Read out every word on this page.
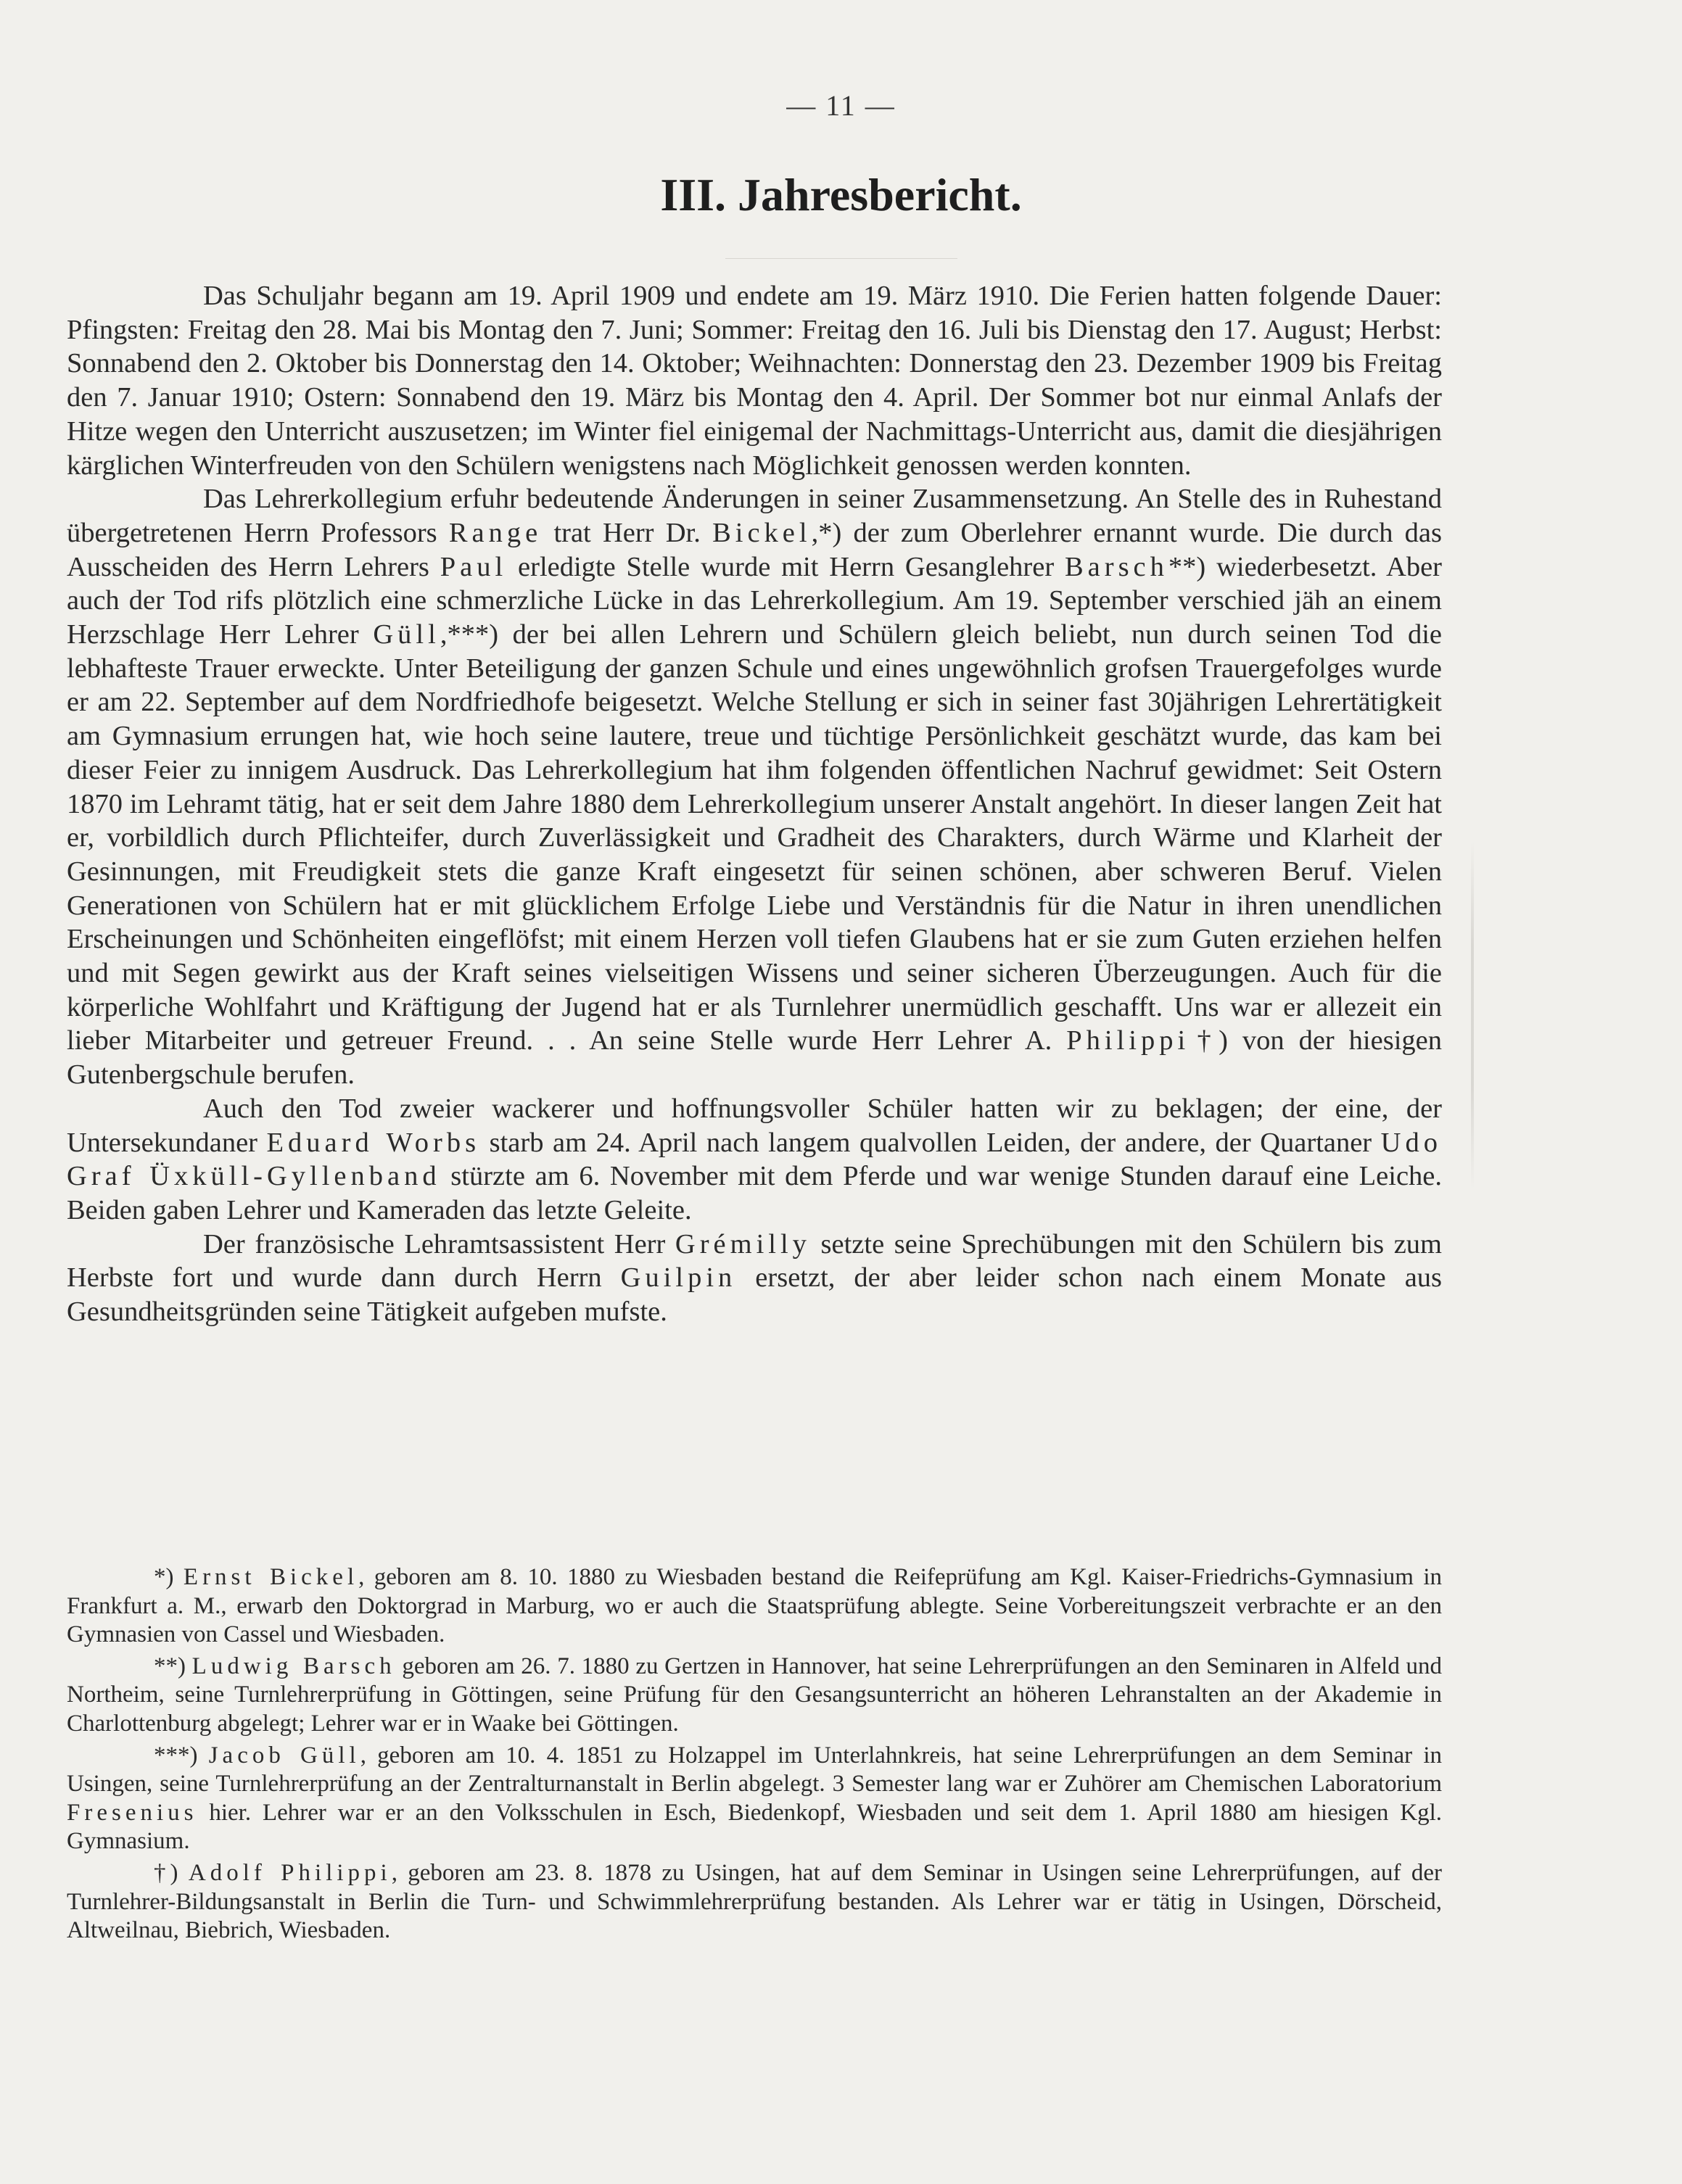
— 11 —
III. Jahresbericht.

Das Schuljahr begann am 19. April 1909 und endete am 19. März 1910. Die Ferien hatten folgende Dauer: Pfingsten: Freitag den 28. Mai bis Montag den 7. Juni; Sommer: Freitag den 16. Juli bis Dienstag den 17. August; Herbst: Sonnabend den 2. Oktober bis Donnerstag den 14. Oktober; Weihnachten: Donnerstag den 23. Dezember 1909 bis Freitag den 7. Januar 1910; Ostern: Sonnabend den 19. März bis Montag den 4. April. Der Sommer bot nur einmal Anlafs der Hitze wegen den Unterricht auszusetzen; im Winter fiel einigemal der Nachmittags-Unterricht aus, damit die diesjährigen kärglichen Winterfreuden von den Schülern wenigstens nach Möglichkeit genossen werden konnten.

Das Lehrerkollegium erfuhr bedeutende Änderungen in seiner Zusammensetzung. An Stelle des in Ruhestand übergetretenen Herrn Professors Range trat Herr Dr. Bickel,*) der zum Oberlehrer ernannt wurde. Die durch das Ausscheiden des Herrn Lehrers Paul erledigte Stelle wurde mit Herrn Gesanglehrer Barsch**) wiederbesetzt. Aber auch der Tod rifs plötzlich eine schmerzliche Lücke in das Lehrerkollegium. Am 19. September verschied jäh an einem Herzschlage Herr Lehrer Güll,***) der bei allen Lehrern und Schülern gleich beliebt, nun durch seinen Tod die lebhafteste Trauer erweckte. Unter Beteiligung der ganzen Schule und eines ungewöhnlich grofsen Trauergefolges wurde er am 22. September auf dem Nordfriedhofe beigesetzt. Welche Stellung er sich in seiner fast 30jährigen Lehrertätigkeit am Gymnasium errungen hat, wie hoch seine lautere, treue und tüchtige Persönlichkeit geschätzt wurde, das kam bei dieser Feier zu innigem Ausdruck. Das Lehrerkollegium hat ihm folgenden öffentlichen Nachruf gewidmet: Seit Ostern 1870 im Lehramt tätig, hat er seit dem Jahre 1880 dem Lehrerkollegium unserer Anstalt angehört. In dieser langen Zeit hat er, vorbildlich durch Pflichteifer, durch Zuverlässigkeit und Gradheit des Charakters, durch Wärme und Klarheit der Gesinnungen, mit Freudigkeit stets die ganze Kraft eingesetzt für seinen schönen, aber schweren Beruf. Vielen Generationen von Schülern hat er mit glücklichem Erfolge Liebe und Verständnis für die Natur in ihren unendlichen Erscheinungen und Schönheiten eingeflöfst; mit einem Herzen voll tiefen Glaubens hat er sie zum Guten erziehen helfen und mit Segen gewirkt aus der Kraft seines vielseitigen Wissens und seiner sicheren Überzeugungen. Auch für die körperliche Wohlfahrt und Kräftigung der Jugend hat er als Turnlehrer unermüdlich geschafft. Uns war er allezeit ein lieber Mitarbeiter und getreuer Freund. . . An seine Stelle wurde Herr Lehrer A. Philippi†) von der hiesigen Gutenbergschule berufen.

Auch den Tod zweier wackerer und hoffnungsvoller Schüler hatten wir zu beklagen; der eine, der Untersekundaner Eduard Worbs starb am 24. April nach langem qualvollen Leiden, der andere, der Quartaner Udo Graf Üxküll-Gyllenband stürzte am 6. November mit dem Pferde und war wenige Stunden darauf eine Leiche. Beiden gaben Lehrer und Kameraden das letzte Geleite.

Der französische Lehramtsassistent Herr Grémilly setzte seine Sprechübungen mit den Schülern bis zum Herbste fort und wurde dann durch Herrn Guilpin ersetzt, der aber leider schon nach einem Monate aus Gesundheitsgründen seine Tätigkeit aufgeben mufste.

*) Ernst Bickel, geboren am 8. 10. 1880 zu Wiesbaden bestand die Reifeprüfung am Kgl. Kaiser-Friedrichs-Gymnasium in Frankfurt a. M., erwarb den Doktorgrad in Marburg, wo er auch die Staatsprüfung ablegte. Seine Vorbereitungszeit verbrachte er an den Gymnasien von Cassel und Wiesbaden.

**) Ludwig Barsch geboren am 26. 7. 1880 zu Gertzen in Hannover, hat seine Lehrerprüfungen an den Seminaren in Alfeld und Northeim, seine Turnlehrerprüfung in Göttingen, seine Prüfung für den Gesangsunterricht an höheren Lehranstalten an der Akademie in Charlottenburg abgelegt; Lehrer war er in Waake bei Göttingen.

***) Jacob Güll, geboren am 10. 4. 1851 zu Holzappel im Unterlahnkreis, hat seine Lehrerprüfungen an dem Seminar in Usingen, seine Turnlehrerprüfung an der Zentralturnanstalt in Berlin abgelegt. 3 Semester lang war er Zuhörer am Chemischen Laboratorium Fresenius hier. Lehrer war er an den Volksschulen in Esch, Biedenkopf, Wiesbaden und seit dem 1. April 1880 am hiesigen Kgl. Gymnasium.

†) Adolf Philippi, geboren am 23. 8. 1878 zu Usingen, hat auf dem Seminar in Usingen seine Lehrerprüfungen, auf der Turnlehrer-Bildungsanstalt in Berlin die Turn- und Schwimmlehrerprüfung bestanden. Als Lehrer war er tätig in Usingen, Dörscheid, Altweilnau, Biebrich, Wiesbaden.
